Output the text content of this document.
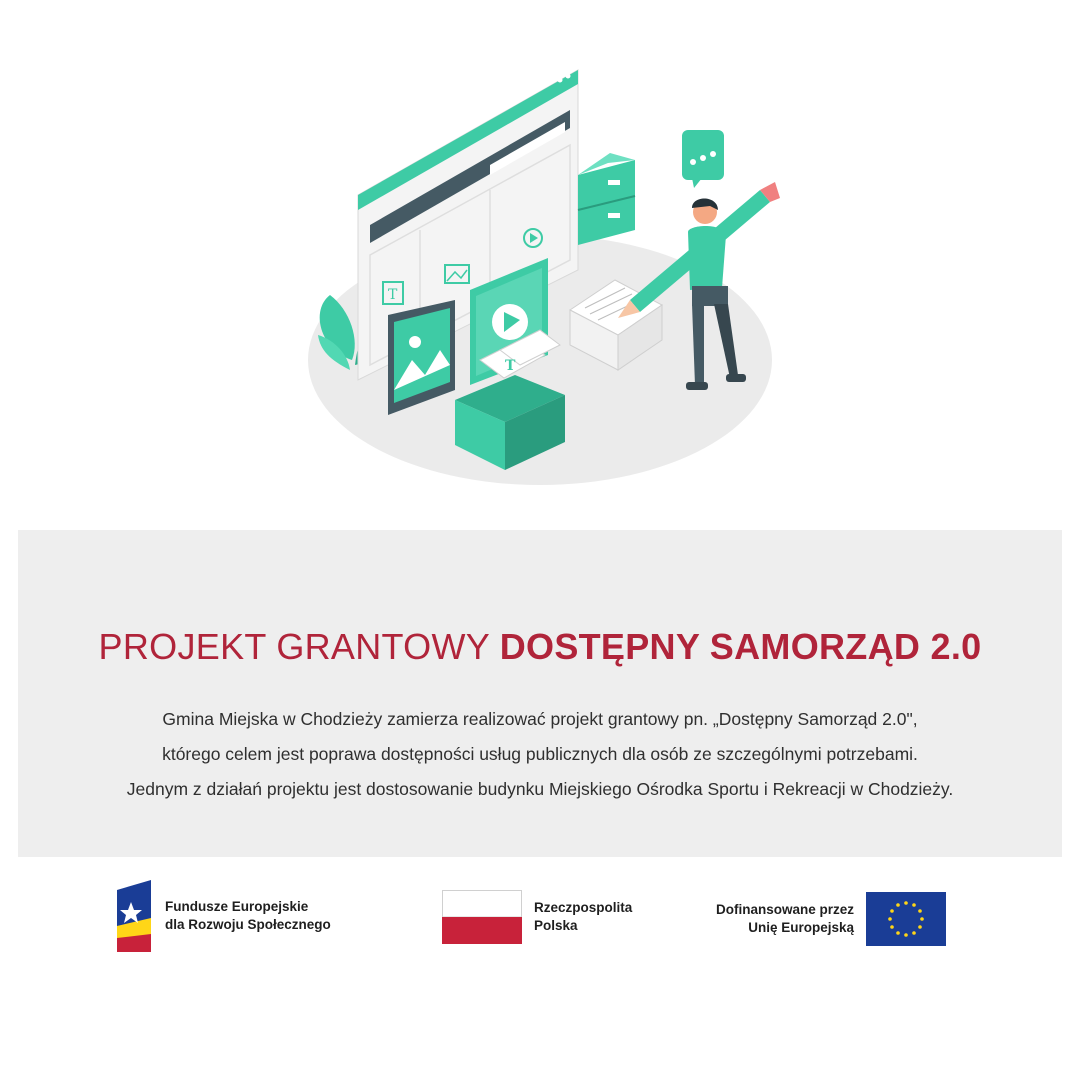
T
T
PROJEKT GRANTOWY DOSTĘPNY SAMORZĄD 2.0
Gmina Miejska w Chodzieży zamierza realizować projekt grantowy pn. „Dostępny Samorząd 2.0",
którego celem jest poprawa dostępności usług publicznych dla osób ze szczególnymi potrzebami.
Jednym z działań projektu jest dostosowanie budynku Miejskiego Ośrodka Sportu i Rekreacji w Chodzieży.
Fundusze Europejskie
dla Rozwoju Społecznego
Rzeczpospolita
Polska
Dofinansowane przez
Unię Europejską
